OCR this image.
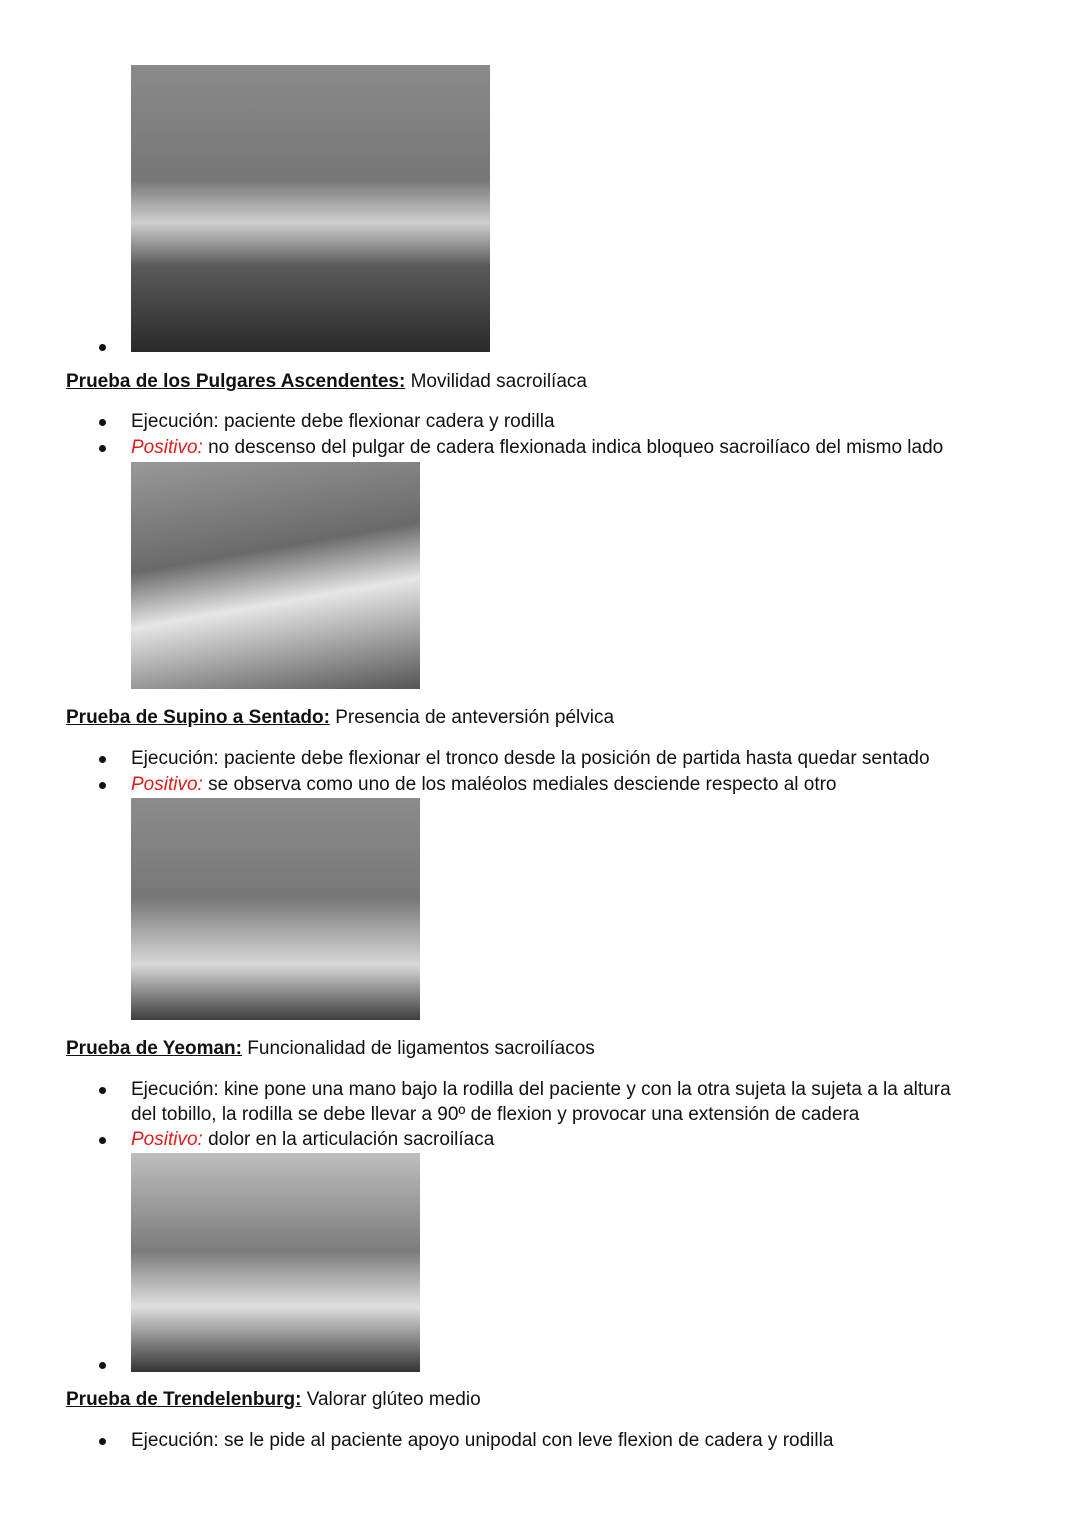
Prueba de los Pulgares Ascendentes: Movilidad sacroilíaca
Ejecución: paciente debe flexionar cadera y rodilla
Positivo: no descenso del pulgar de cadera flexionada indica bloqueo sacroilíaco del mismo lado
Prueba de Supino a Sentado: Presencia de anteversión pélvica
Ejecución: paciente debe flexionar el tronco desde la posición de partida hasta quedar sentado
Positivo: se observa como uno de los maléolos mediales desciende respecto al otro
Prueba de Yeoman: Funcionalidad de ligamentos sacroilíacos
Ejecución: kine pone una mano bajo la rodilla del paciente y con la otra sujeta la sujeta a la altura
del tobillo, la rodilla se debe llevar a 90º de flexion y provocar una extensión de cadera
Positivo: dolor en la articulación sacroilíaca
Prueba de Trendelenburg: Valorar glúteo medio
Ejecución: se le pide al paciente apoyo unipodal con leve flexion de cadera y rodilla
